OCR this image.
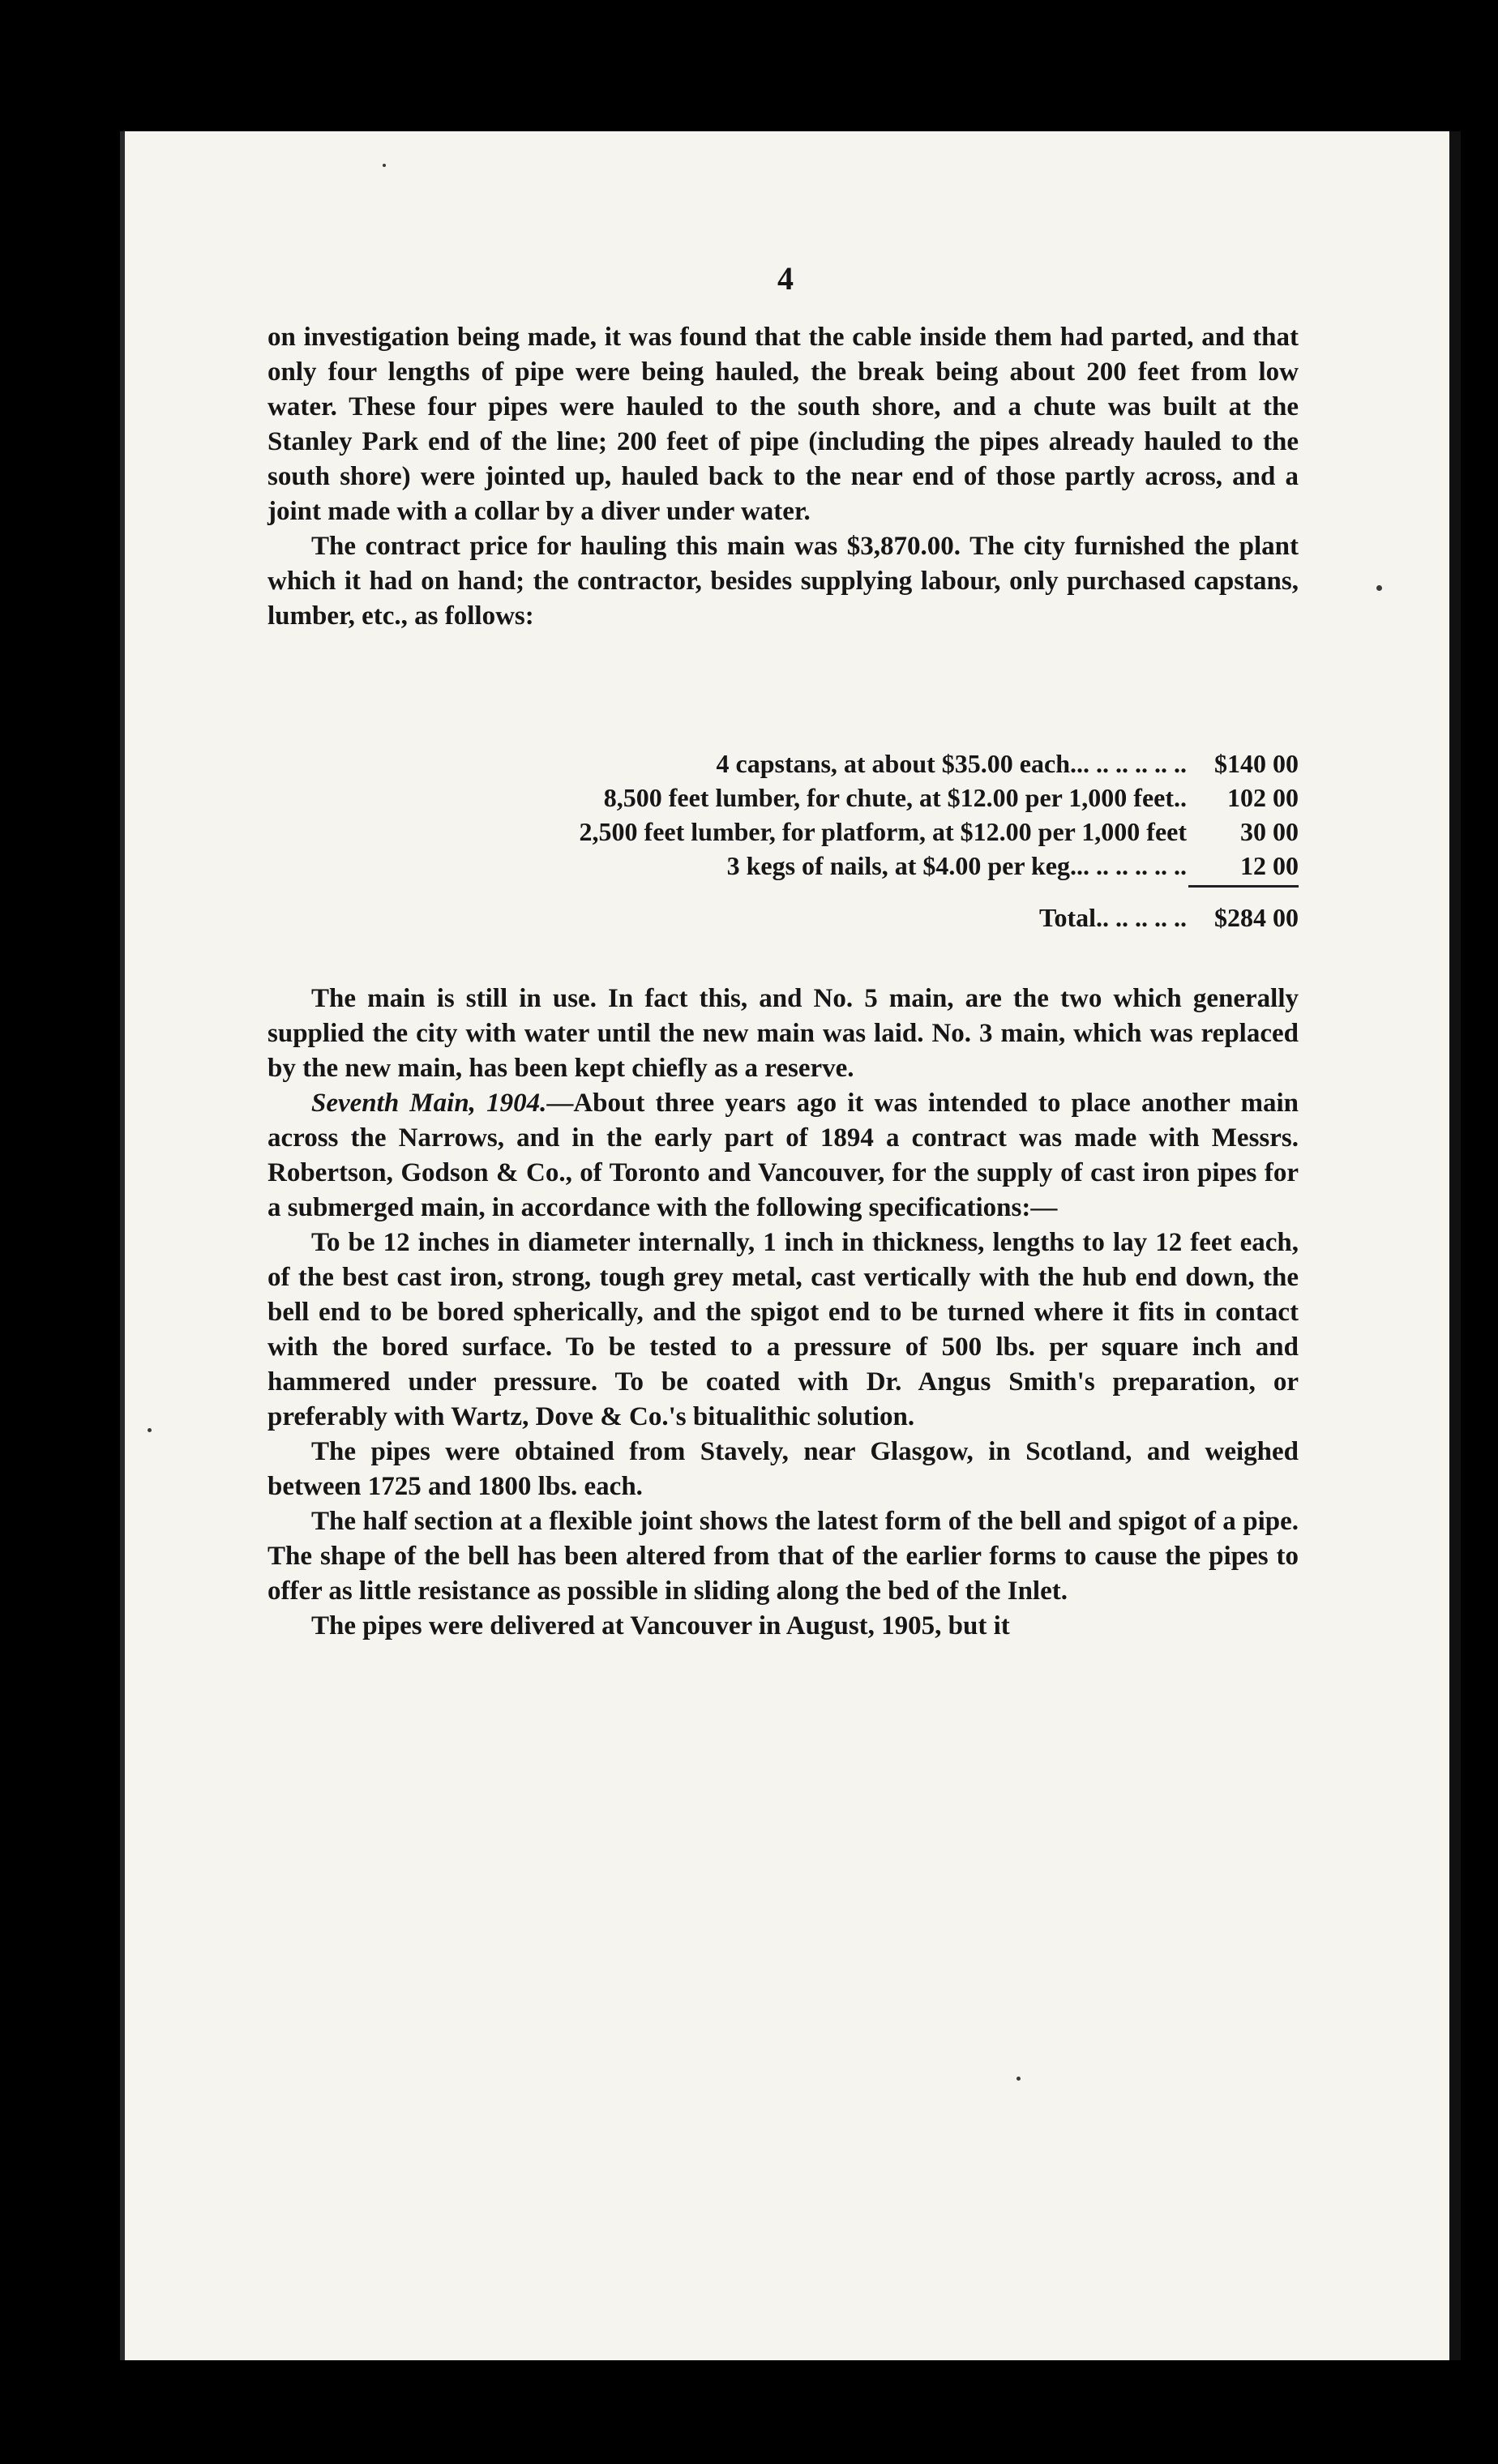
4

on investigation being made, it was found that the cable inside them had parted, and that only four lengths of pipe were being hauled, the break being about 200 feet from low water. These four pipes were hauled to the south shore, and a chute was built at the Stanley Park end of the line; 200 feet of pipe (including the pipes already hauled to the south shore) were jointed up, hauled back to the near end of those partly across, and a joint made with a collar by a diver under water.

The contract price for hauling this main was $3,870.00. The city furnished the plant which it had on hand; the contractor, besides supplying labour, only purchased capstans, lumber, etc., as follows:

4 capstans, at about $35.00 each... .. .. .. .. ..	$140 00
8,500 feet lumber, for chute, at $12.00 per 1,000 feet..	102 00
2,500 feet lumber, for platform, at $12.00 per 1,000 feet	30 00
3 kegs of nails, at $4.00 per keg... .. .. .. .. ..	12 00
Total.. .. .. .. ..	$284 00

The main is still in use. In fact this, and No. 5 main, are the two which generally supplied the city with water until the new main was laid. No. 3 main, which was replaced by the new main, has been kept chiefly as a reserve.

Seventh Main, 1904.—About three years ago it was intended to place another main across the Narrows, and in the early part of 1894 a contract was made with Messrs. Robertson, Godson & Co., of Toronto and Vancouver, for the supply of cast iron pipes for a submerged main, in accordance with the following specifications:—

To be 12 inches in diameter internally, 1 inch in thickness, lengths to lay 12 feet each, of the best cast iron, strong, tough grey metal, cast vertically with the hub end down, the bell end to be bored spherically, and the spigot end to be turned where it fits in contact with the bored surface. To be tested to a pressure of 500 lbs. per square inch and hammered under pressure. To be coated with Dr. Angus Smith's preparation, or preferably with Wartz, Dove & Co.'s bitualithic solution.

The pipes were obtained from Stavely, near Glasgow, in Scotland, and weighed between 1725 and 1800 lbs. each.

The half section at a flexible joint shows the latest form of the bell and spigot of a pipe. The shape of the bell has been altered from that of the earlier forms to cause the pipes to offer as little resistance as possible in sliding along the bed of the Inlet.

The pipes were delivered at Vancouver in August, 1905, but it
